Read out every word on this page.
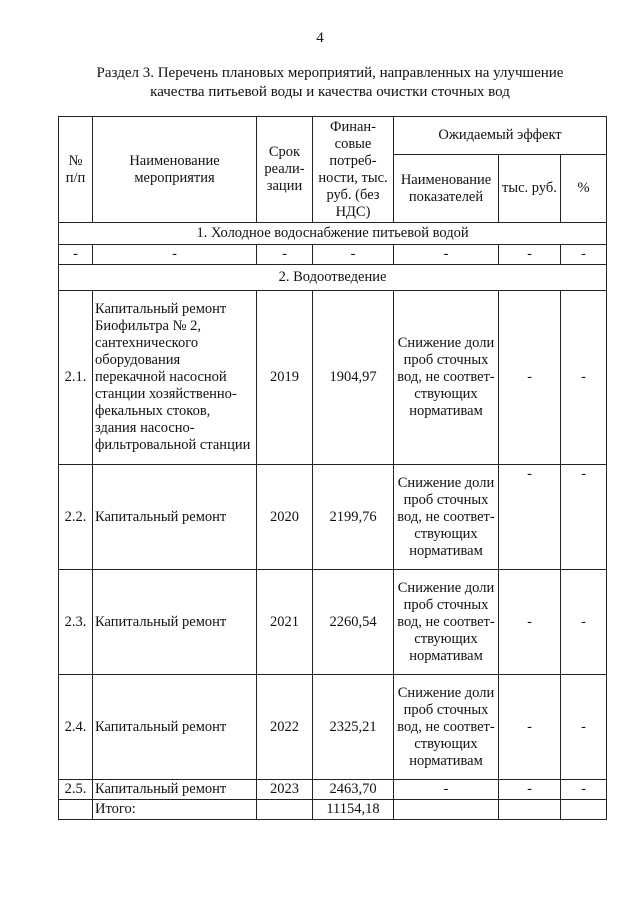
4
Раздел 3. Перечень плановых мероприятий, направленных на улучшение
качества питьевой воды и качества очистки сточных вод
№ п/п	Наименование мероприятия	Срок реали-зации	Финан-совые потреб-ности, тыс. руб. (без НДС)	Ожидаемый эффект		
				Наименование показателей	тыс. руб.	%
1. Холодное водоснабжение питьевой водой						
-	-	-	-	-	-	-
2. Водоотведение						
2.1.	Капитальный ремонт Биофильтра № 2, сантехнического оборудования перекачной насосной станции хозяйственно-фекальных стоков, здания насосно-фильтровальной станции	2019	1904,97	Снижение доли проб сточных вод, не соответ-ствующих нормативам	-	-
2.2.	Капитальный ремонт	2020	2199,76	Снижение доли проб сточных вод, не соответ-ствующих нормативам	-	-
2.3.	Капитальный ремонт	2021	2260,54	Снижение доли проб сточных вод, не соответ-ствующих нормативам	-	-
2.4.	Капитальный ремонт	2022	2325,21	Снижение доли проб сточных вод, не соответ-ствующих нормативам	-	-
2.5.	Капитальный ремонт	2023	2463,70	-	-	-
	Итого:		11154,18			
